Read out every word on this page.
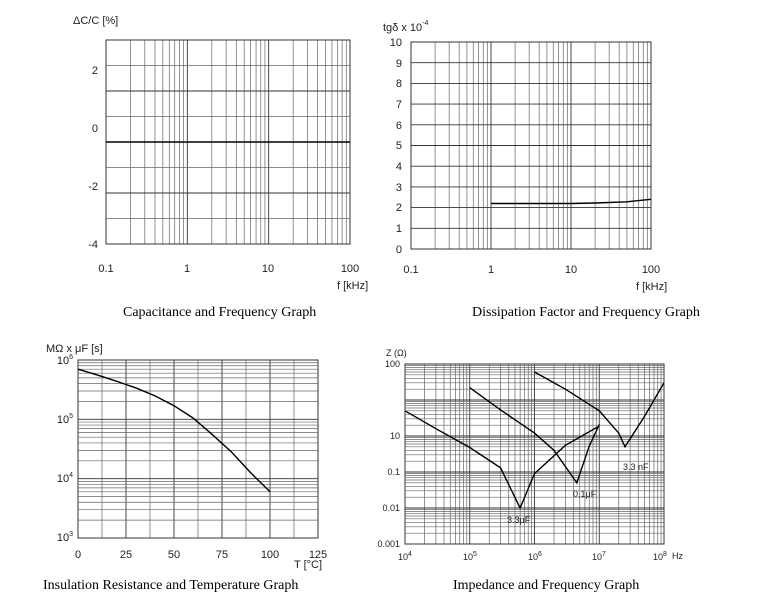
ΔC/C [%]
2
0
-2
-4
0.1	1	10	100
f [kHz]
Capacitance and Frequency Graph
tgδ x $10^{-4}$
10
9
8
7
6
5
4
3
2
1
0
0.1	1	10	100
f [kHz]
Dissipation Factor and Frequency Graph
MΩ x μF [s]
$10^6$
$10^5$
$10^4$
$10^3$
0	25	50	75	100	125
T [°C]
Insulation Resistance and Temperature Graph
Z (Ω)
100
10
0.1
0.01
0.001
$10^4$	$10^5$	$10^6$	$10^7$	$10^8$ Hz
3.3μF
0.1μF
3.3 nF
Impedance and Frequency Graph
